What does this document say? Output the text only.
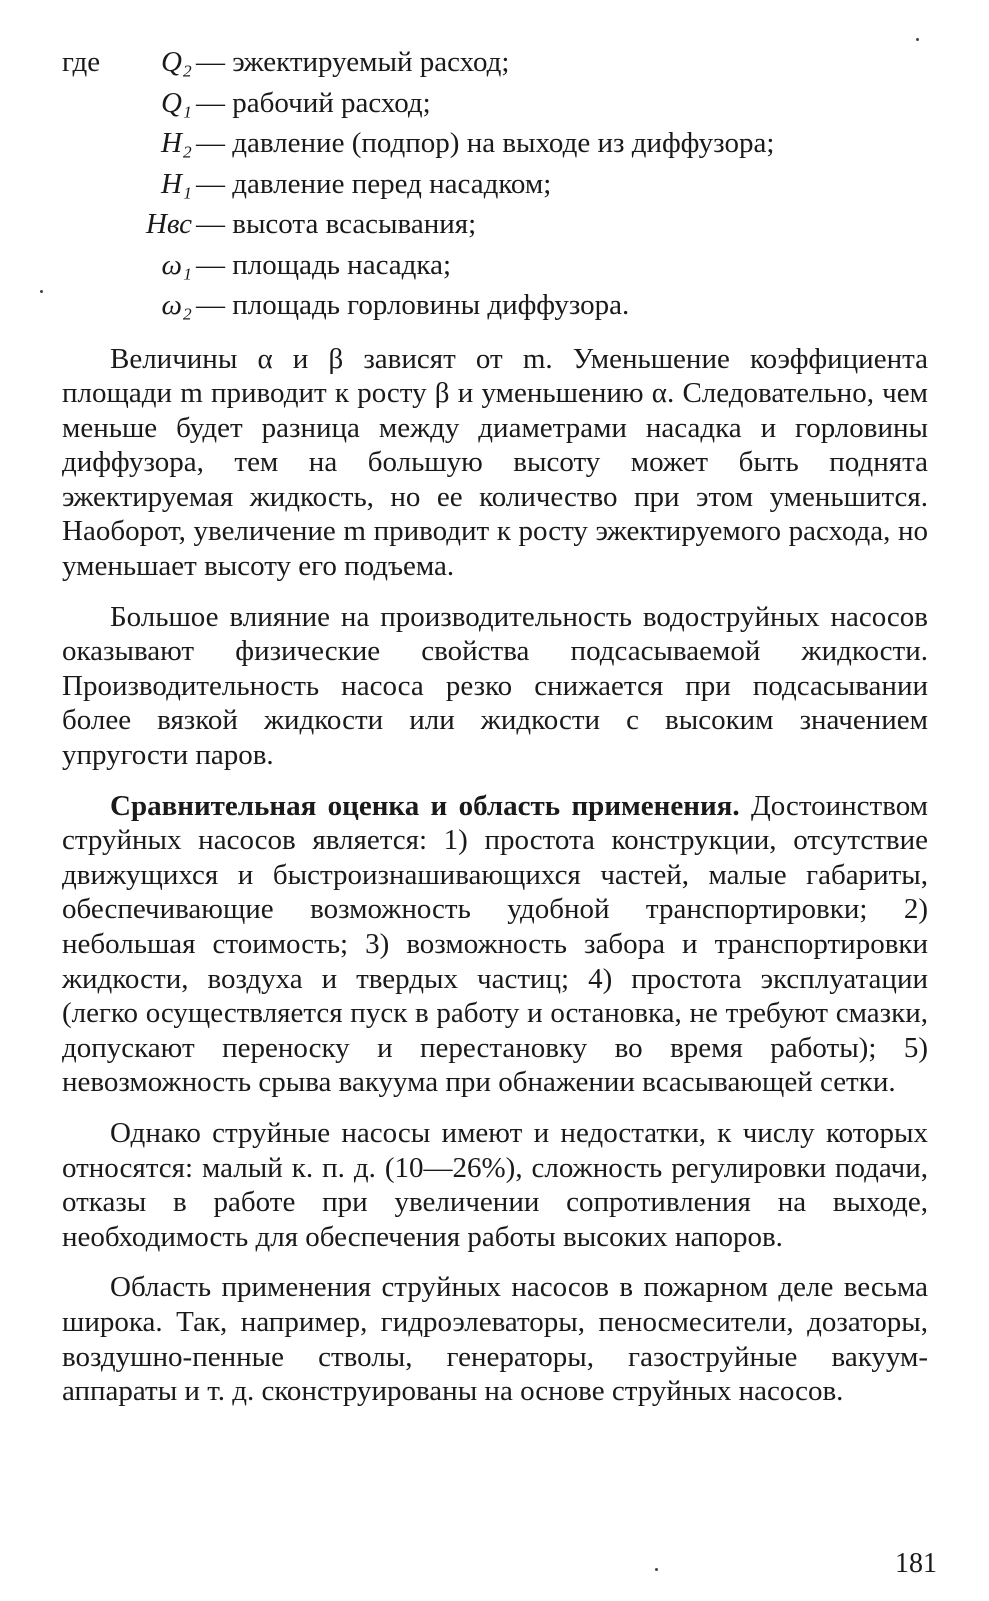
где	Q₂ — эжектируемый расход;
Q₁ — рабочий расход;
H₂ — давление (подпор) на выходе из диффузора;
H₁ — давление перед насадком;
Hвс — высота всасывания;
ω₁ — площадь насадка;
ω₂ — площадь горловины диффузора.

Величины α и β зависят от m. Уменьшение коэффициента площади m приводит к росту β и уменьшению α. Следовательно, чем меньше будет разница между диаметрами насадка и горловины диффузора, тем на большую высоту может быть поднята эжектируемая жидкость, но ее количество при этом уменьшится. Наоборот, увеличение m приводит к росту эжектируемого расхода, но уменьшает высоту его подъема.

Большое влияние на производительность водоструйных насосов оказывают физические свойства подсасываемой жидкости. Производительность насоса резко снижается при подсасывании более вязкой жидкости или жидкости с высоким значением упругости паров.

Сравнительная оценка и область применения. Достоинством струйных насосов является: 1) простота конструкции, отсутствие движущихся и быстроизнашивающихся частей, малые габариты, обеспечивающие возможность удобной транспортировки; 2) небольшая стоимость; 3) возможность забора и транспортировки жидкости, воздуха и твердых частиц; 4) простота эксплуатации (легко осуществляется пуск в работу и остановка, не требуют смазки, допускают переноску и перестановку во время работы); 5) невозможность срыва вакуума при обнажении всасывающей сетки.

Однако струйные насосы имеют и недостатки, к числу которых относятся: малый к. п. д. (10—26%), сложность регулировки подачи, отказы в работе при увеличении сопротивления на выходе, необходимость для обеспечения работы высоких напоров.

Область применения струйных насосов в пожарном деле весьма широка. Так, например, гидроэлеваторы, пеносмесители, дозаторы, воздушно-пенные стволы, генераторы, газоструйные вакуум-аппараты и т. д. сконструированы на основе струйных насосов.

181
